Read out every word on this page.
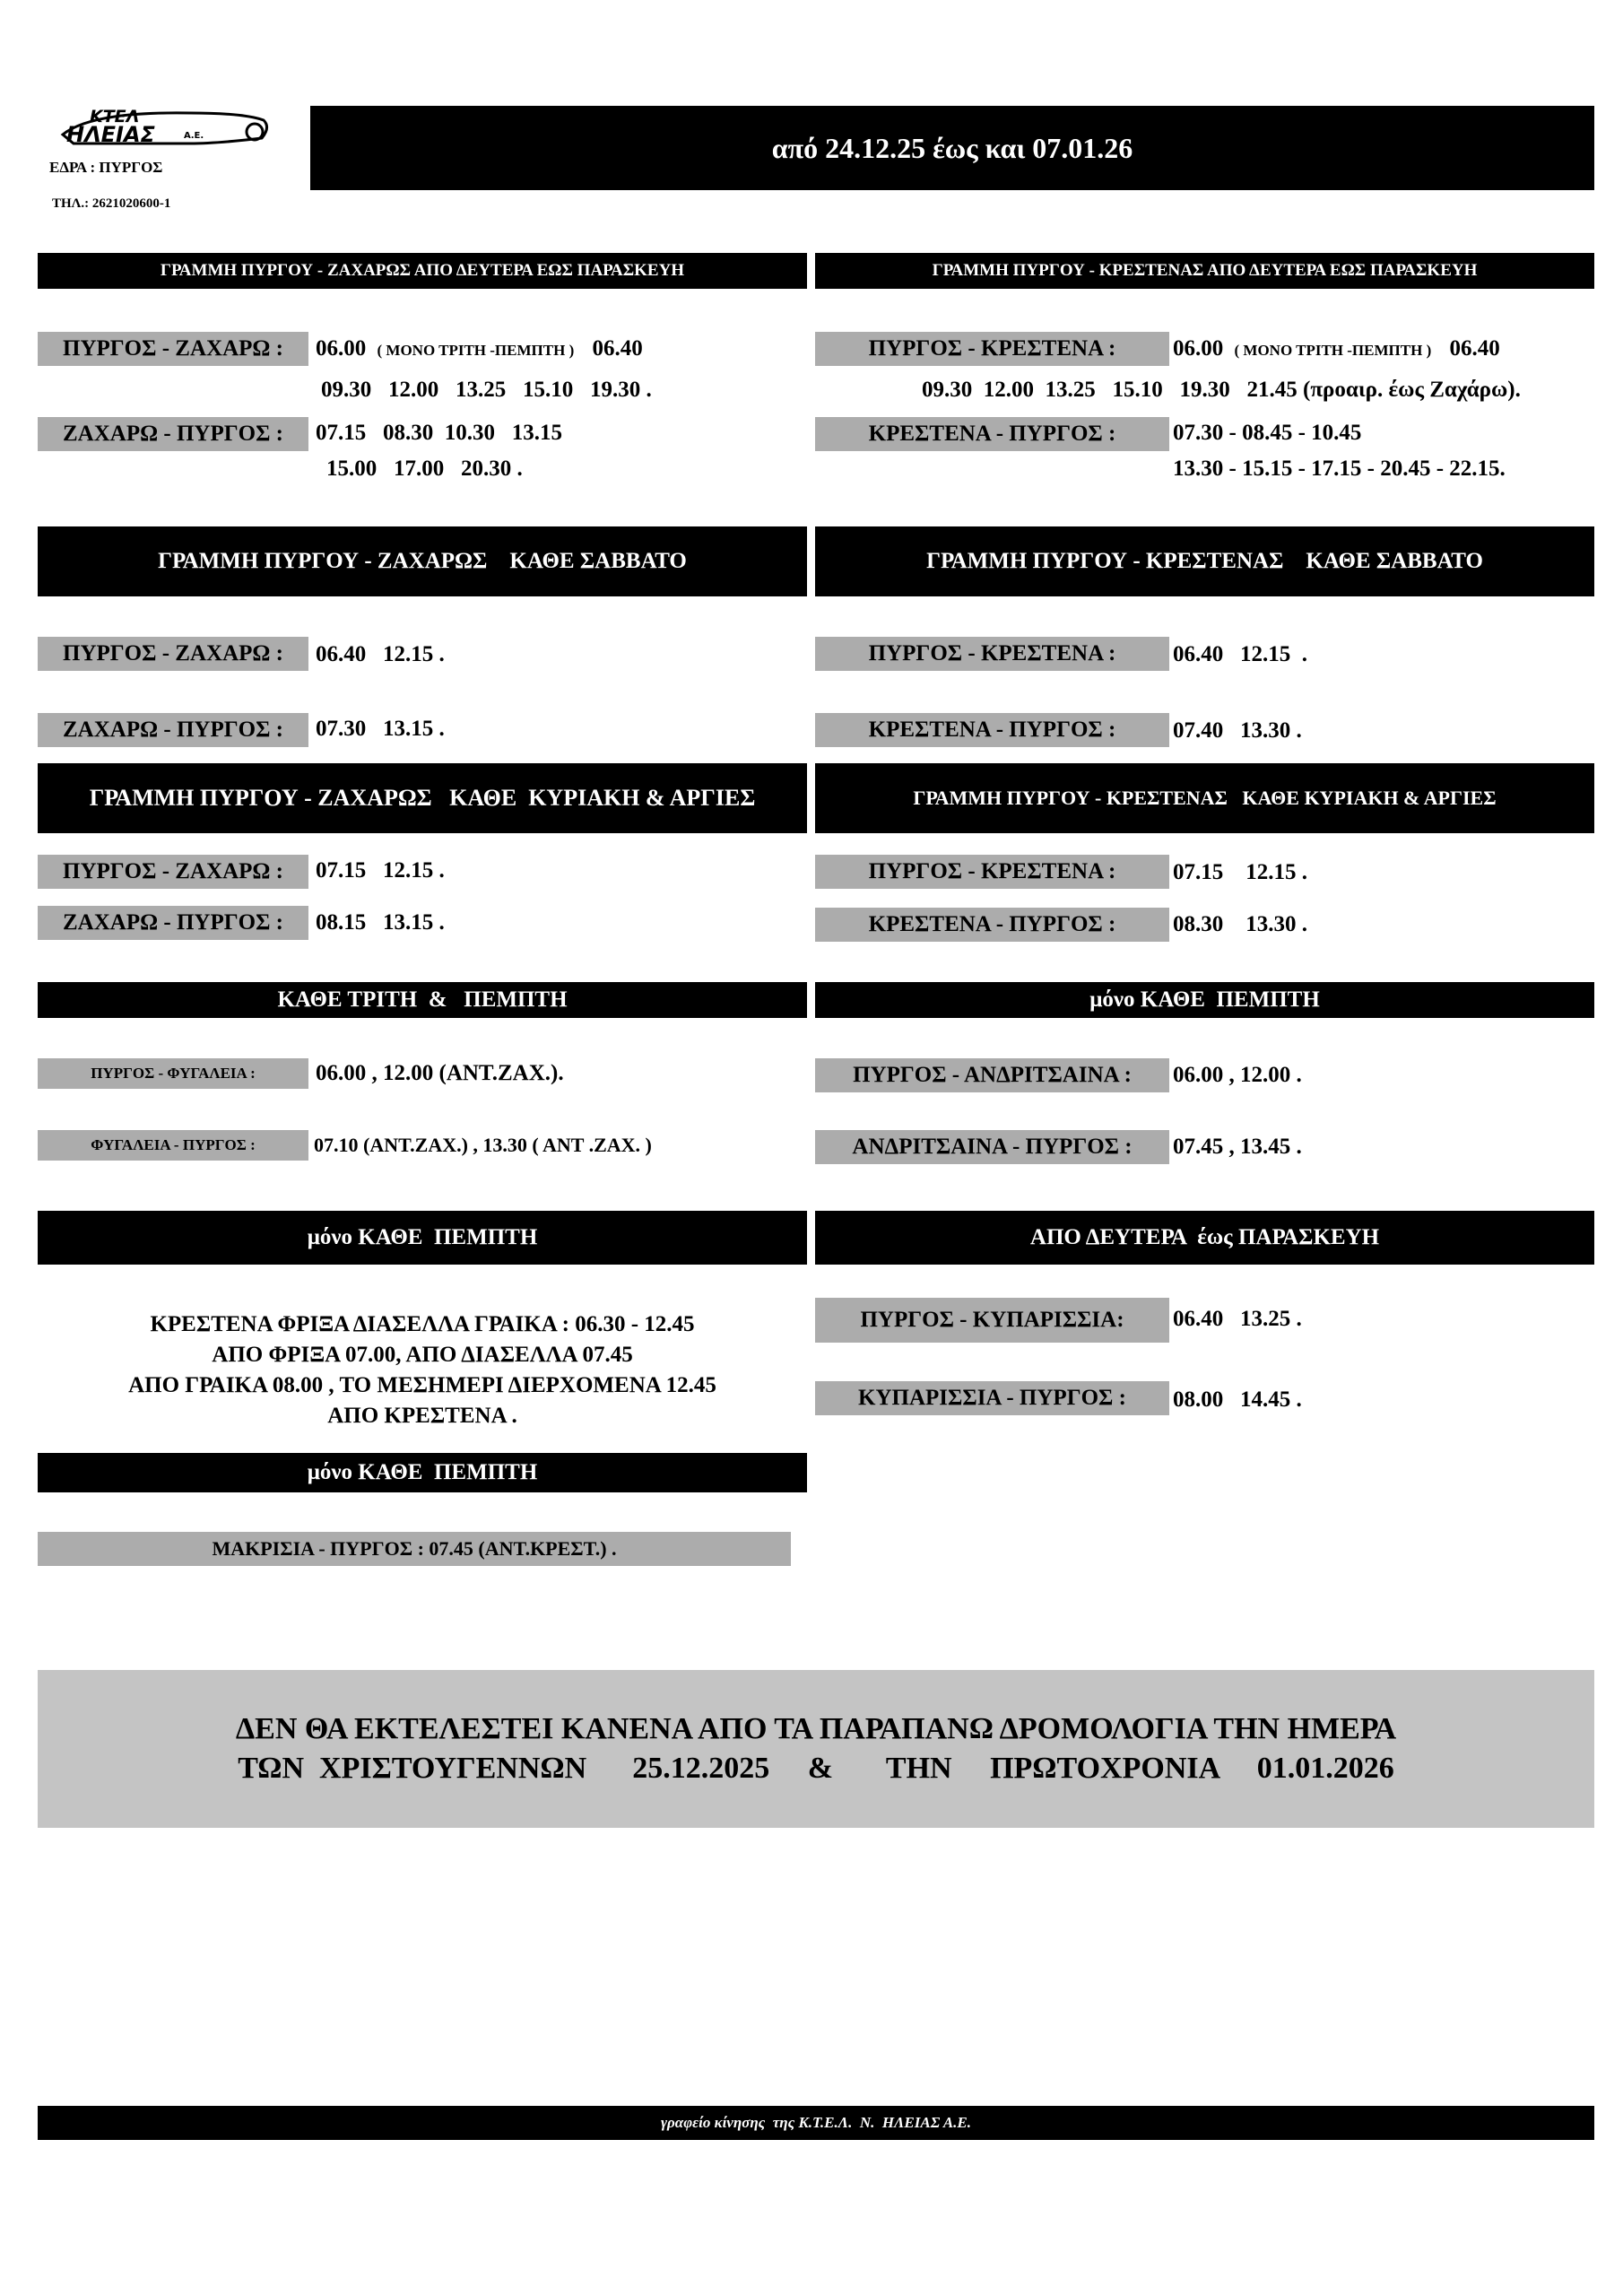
ΚΤΕΛ
ΗΛΕΙΑΣ	Α.Ε.
ΕΔΡΑ : ΠΥΡΓΟΣ
ΤΗΛ.: 2621020600-1
από 24.12.25 έως και 07.01.26
ΓΡΑΜΜΗ ΠΥΡΓΟΥ - ΖΑΧΑΡΩΣ ΑΠΟ ΔΕΥΤΕΡΑ ΕΩΣ ΠΑΡΑΣΚΕΥΗ
ΠΥΡΓΟΣ - ΖΑΧΑΡΩ :	06.00 ( ΜΟΝΟ ΤΡΙΤΗ -ΠΕΜΠΤΗ ) 06.40
09.30   12.00   13.25   15.10   19.30 .
ΖΑΧΑΡΩ - ΠΥΡΓΟΣ :	07.15   08.30  10.30   13.15
15.00   17.00   20.30 .
ΓΡΑΜΜΗ ΠΥΡΓΟΥ - ΚΡΕΣΤΕΝΑΣ ΑΠΟ ΔΕΥΤΕΡΑ ΕΩΣ ΠΑΡΑΣΚΕΥΗ
ΠΥΡΓΟΣ - ΚΡΕΣΤΕΝΑ :	06.00 ( ΜΟΝΟ ΤΡΙΤΗ -ΠΕΜΠΤΗ ) 06.40
09.30  12.00  13.25   15.10   19.30   21.45 (προαιρ. έως Ζαχάρω).
ΚΡΕΣΤΕΝΑ - ΠΥΡΓΟΣ :	07.30 - 08.45 - 10.45
13.30 - 15.15 - 17.15 - 20.45 - 22.15.
ΓΡΑΜΜΗ ΠΥΡΓΟΥ - ΖΑΧΑΡΩΣ    ΚΑΘΕ ΣΑΒΒΑΤΟ	ΓΡΑΜΜΗ ΠΥΡΓΟΥ - ΚΡΕΣΤΕΝΑΣ    ΚΑΘΕ ΣΑΒΒΑΤΟ
ΠΥΡΓΟΣ - ΖΑΧΑΡΩ :	06.40   12.15 .
ΖΑΧΑΡΩ - ΠΥΡΓΟΣ :	07.30   13.15 .
ΠΥΡΓΟΣ - ΚΡΕΣΤΕΝΑ :	06.40   12.15  .
ΚΡΕΣΤΕΝΑ - ΠΥΡΓΟΣ :	07.40   13.30 .
ΓΡΑΜΜΗ ΠΥΡΓΟΥ - ΖΑΧΑΡΩΣ   ΚΑΘΕ  ΚΥΡΙΑΚΗ & ΑΡΓΙΕΣ	ΓΡΑΜΜΗ ΠΥΡΓΟΥ - ΚΡΕΣΤΕΝΑΣ   ΚΑΘΕ ΚΥΡΙΑΚΗ & ΑΡΓΙΕΣ
ΠΥΡΓΟΣ - ΖΑΧΑΡΩ :	07.15   12.15 .
ΖΑΧΑΡΩ - ΠΥΡΓΟΣ :	08.15   13.15 .
ΠΥΡΓΟΣ - ΚΡΕΣΤΕΝΑ :	07.15    12.15 .
ΚΡΕΣΤΕΝΑ - ΠΥΡΓΟΣ :	08.30    13.30 .
ΚΑΘΕ ΤΡΙΤΗ  &   ΠΕΜΠΤΗ	μόνο ΚΑΘΕ  ΠΕΜΠΤΗ
ΠΥΡΓΟΣ - ΦΥΓΑΛΕΙΑ :	06.00 , 12.00 (ΑΝΤ.ΖΑΧ.).
ΦΥΓΑΛΕΙΑ - ΠΥΡΓΟΣ :	07.10 (ΑΝΤ.ΖΑΧ.) , 13.30 ( ΑΝΤ .ΖΑΧ. )
ΠΥΡΓΟΣ - ΑΝΔΡΙΤΣΑΙΝΑ :	06.00 , 12.00 .
ΑΝΔΡΙΤΣΑΙΝΑ - ΠΥΡΓΟΣ :	07.45 , 13.45 .
μόνο ΚΑΘΕ  ΠΕΜΠΤΗ	ΑΠΟ ΔΕΥΤΕΡΑ  έως ΠΑΡΑΣΚΕΥΗ
ΚΡΕΣΤΕΝΑ ΦΡΙΞΑ ΔΙΑΣΕΛΛΑ ΓΡΑΙΚΑ : 06.30 - 12.45
ΑΠΟ ΦΡΙΞΑ 07.00, ΑΠΟ ΔΙΑΣΕΛΛΑ 07.45
ΑΠΟ ΓΡΑΙΚΑ 08.00 , ΤΟ ΜΕΣΗΜΕΡΙ ΔΙΕΡΧΟΜΕΝΑ 12.45
ΑΠΟ ΚΡΕΣΤΕΝΑ .
ΠΥΡΓΟΣ - ΚΥΠΑΡΙΣΣΙΑ:	06.40   13.25 .
ΚΥΠΑΡΙΣΣΙΑ - ΠΥΡΓΟΣ :	08.00   14.45 .
μόνο ΚΑΘΕ  ΠΕΜΠΤΗ
ΜΑΚΡΙΣΙΑ - ΠΥΡΓΟΣ : 07.45 (ΑΝΤ.ΚΡΕΣΤ.) .
ΔΕΝ ΘΑ ΕΚΤΕΛΕΣΤΕΙ ΚΑΝΕΝΑ ΑΠΟ ΤΑ ΠΑΡΑΠΑΝΩ ΔΡΟΜΟΛΟΓΙΑ ΤΗΝ ΗΜΕΡΑ
ΤΩΝ  ΧΡΙΣΤΟΥΓΕΝΝΩΝ      25.12.2025     &       ΤΗΝ     ΠΡΩΤΟΧΡΟΝΙΑ     01.01.2026
γραφείο κίνησης  της Κ.Τ.Ε.Λ.  Ν.  ΗΛΕΙΑΣ Α.Ε.
